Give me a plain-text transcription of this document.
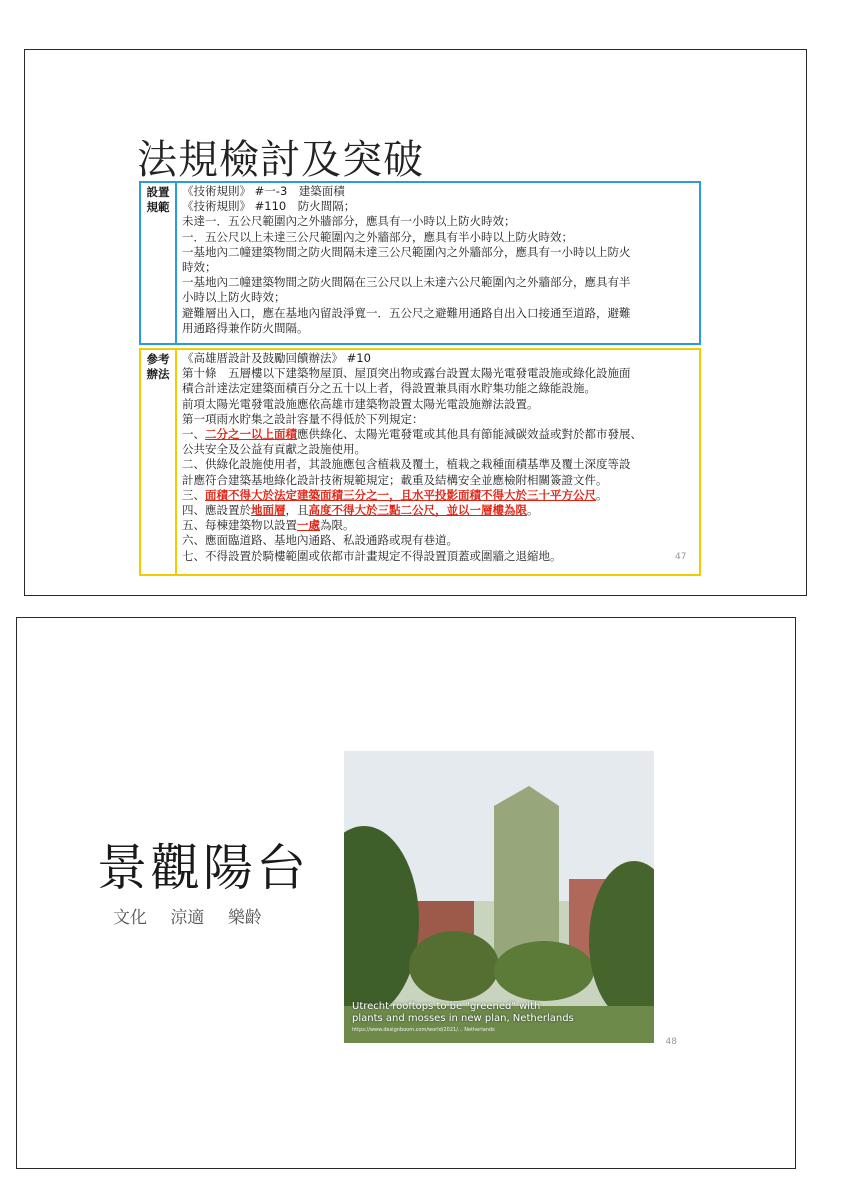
法規檢討及突破
設置
規範
《技術規則》 #一-3　建築面積
《技術規則》 #110　防火間隔；
未達一．五公尺範圍內之外牆部分，應具有一小時以上防火時效；
一．五公尺以上未達三公尺範圍內之外牆部分，應具有半小時以上防火時效；
一基地內二幢建築物間之防火間隔未達三公尺範圍內之外牆部分，應具有一小時以上防火
時效；
一基地內二幢建築物間之防火間隔在三公尺以上未達六公尺範圍內之外牆部分，應具有半
小時以上防火時效；
避難層出入口，應在基地內留設淨寬一．五公尺之避難用通路自出入口接通至道路，避難
用通路得兼作防火間隔。
參考
辦法
《高雄厝設計及鼓勵回饋辦法》 #10
第十條　五層樓以下建築物屋頂、屋頂突出物或露台設置太陽光電發電設施或綠化設施面
積合計達法定建築面積百分之五十以上者，得設置兼具雨水貯集功能之綠能設施。
前項太陽光電發電設施應依高雄市建築物設置太陽光電設施辦法設置。
第一項雨水貯集之設計容量不得低於下列規定：
一、二分之一以上面積應供綠化、太陽光電發電或其他具有節能減碳效益或對於都市發展、
公共安全及公益有貢獻之設施使用。
二、供綠化設施使用者，其設施應包含植栽及覆土，植栽之栽種面積基準及覆土深度等設
計應符合建築基地綠化設計技術規範規定；載重及結構安全並應檢附相關簽證文件。
三、面積不得大於法定建築面積三分之一，且水平投影面積不得大於三十平方公尺。
四、應設置於地面層，且高度不得大於三點二公尺，並以一層樓為限。
五、每棟建築物以設置一處為限。
六、應面臨道路、基地內通路、私設通路或現有巷道。
七、不得設置於騎樓範圍或依都市計畫規定不得設置頂蓋或圍牆之退縮地。	47
景觀陽台
文化 涼適 樂齡
Utrecht rooftops to be "greened" with
plants and mosses in new plan, Netherlands
https://www.designboom.com/world/2021/... Netherlands
48
